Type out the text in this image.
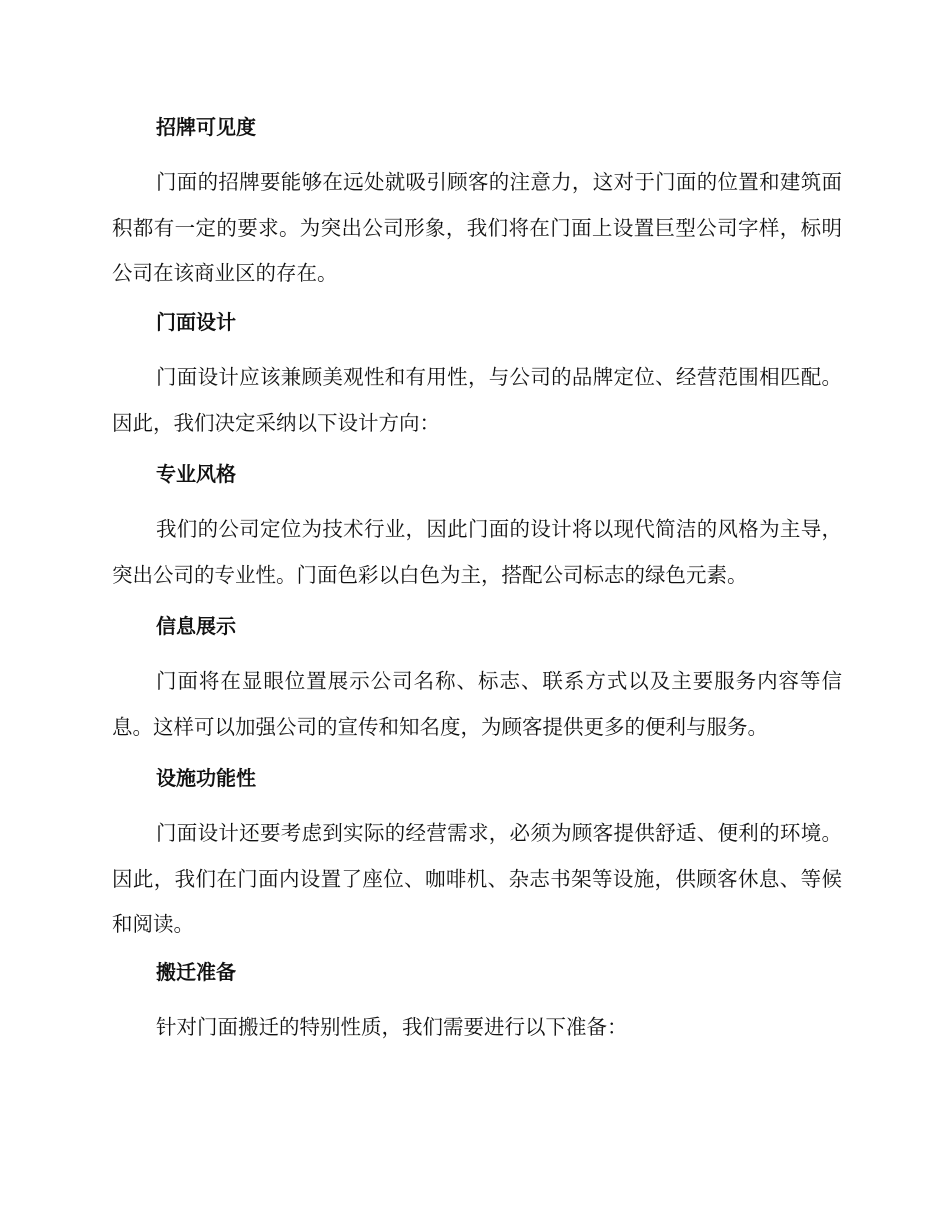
招牌可见度

门面的招牌要能够在远处就吸引顾客的注意力，这对于门面的位置和建筑面积都有一定的要求。为突出公司形象，我们将在门面上设置巨型公司字样，标明公司在该商业区的存在。

门面设计

门面设计应该兼顾美观性和有用性，与公司的品牌定位、经营范围相匹配。因此，我们决定采纳以下设计方向：

专业风格

我们的公司定位为技术行业，因此门面的设计将以现代简洁的风格为主导，突出公司的专业性。门面色彩以白色为主，搭配公司标志的绿色元素。

信息展示

门面将在显眼位置展示公司名称、标志、联系方式以及主要服务内容等信息。这样可以加强公司的宣传和知名度，为顾客提供更多的便利与服务。

设施功能性

门面设计还要考虑到实际的经营需求，必须为顾客提供舒适、便利的环境。因此，我们在门面内设置了座位、咖啡机、杂志书架等设施，供顾客休息、等候和阅读。

搬迁准备

针对门面搬迁的特别性质，我们需要进行以下准备：
